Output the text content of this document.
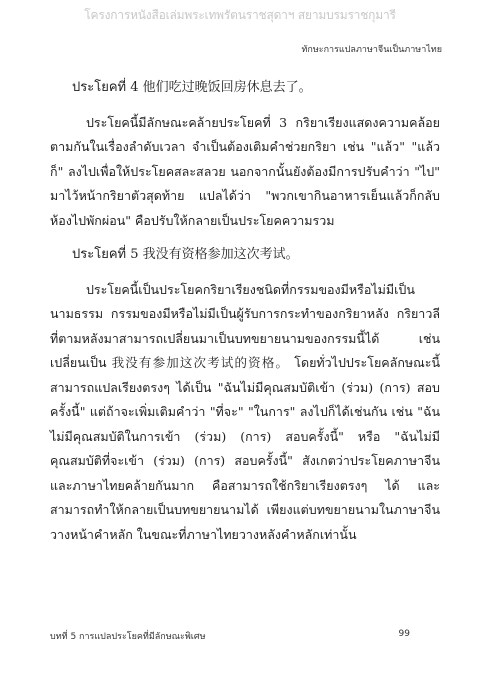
โครงการหนังสือเล่มพระเทพรัตนราชสุดาฯ สยามบรมราชกุมารี
ทักษะการแปลภาษาจีนเป็นภาษาไทย

ประโยคที่ 4 他们吃过晚饭回房休息去了。

ประโยคนี้มีลักษณะคล้ายประโยคที่ 3 กริยาเรียงแสดงความคล้อยตามกันในเรื่องลำดับเวลา จำเป็นต้องเติมคำช่วยกริยา เช่น "แล้ว" "แล้วก็" ลงไปเพื่อให้ประโยคสละสลวย นอกจากนั้นยังต้องมีการปรับคำว่า "ไป" มาไว้หน้ากริยาตัวสุดท้าย แปลได้ว่า "พวกเขากินอาหารเย็นแล้วก็กลับห้องไปพักผ่อน" คือปรับให้กลายเป็นประโยคความรวม

ประโยคที่ 5 我没有资格参加这次考试。

ประโยคนี้เป็นประโยคกริยาเรียงชนิดที่กรรมของมีหรือไม่มีเป็นนามธรรม กรรมของมีหรือไม่มีเป็นผู้รับการกระทำของกริยาหลัง กริยาวลีที่ตามหลังมาสามารถเปลี่ยนมาเป็นบทขยายนามของกรรมนี้ได้ เช่น เปลี่ยนเป็น 我没有参加这次考试的资格。 โดยทั่วไปประโยคลักษณะนี้สามารถแปลเรียงตรงๆ ได้เป็น "ฉันไม่มีคุณสมบัติเข้า (ร่วม) (การ) สอบครั้งนี้" แต่ถ้าจะเพิ่มเติมคำว่า "ที่จะ" "ในการ" ลงไปก็ได้เช่นกัน เช่น "ฉันไม่มีคุณสมบัติในการเข้า (ร่วม) (การ) สอบครั้งนี้" หรือ "ฉันไม่มีคุณสมบัติที่จะเข้า (ร่วม) (การ) สอบครั้งนี้" สังเกตว่าประโยคภาษาจีนและภาษาไทยคล้ายกันมาก คือสามารถใช้กริยาเรียงตรงๆ ได้ และสามารถทำให้กลายเป็นบทขยายนามได้ เพียงแต่บทขยายนามในภาษาจีนวางหน้าคำหลัก ในขณะที่ภาษาไทยวางหลังคำหลักเท่านั้น

บทที่ 5 การแปลประโยคที่มีลักษณะพิเศษ	99
